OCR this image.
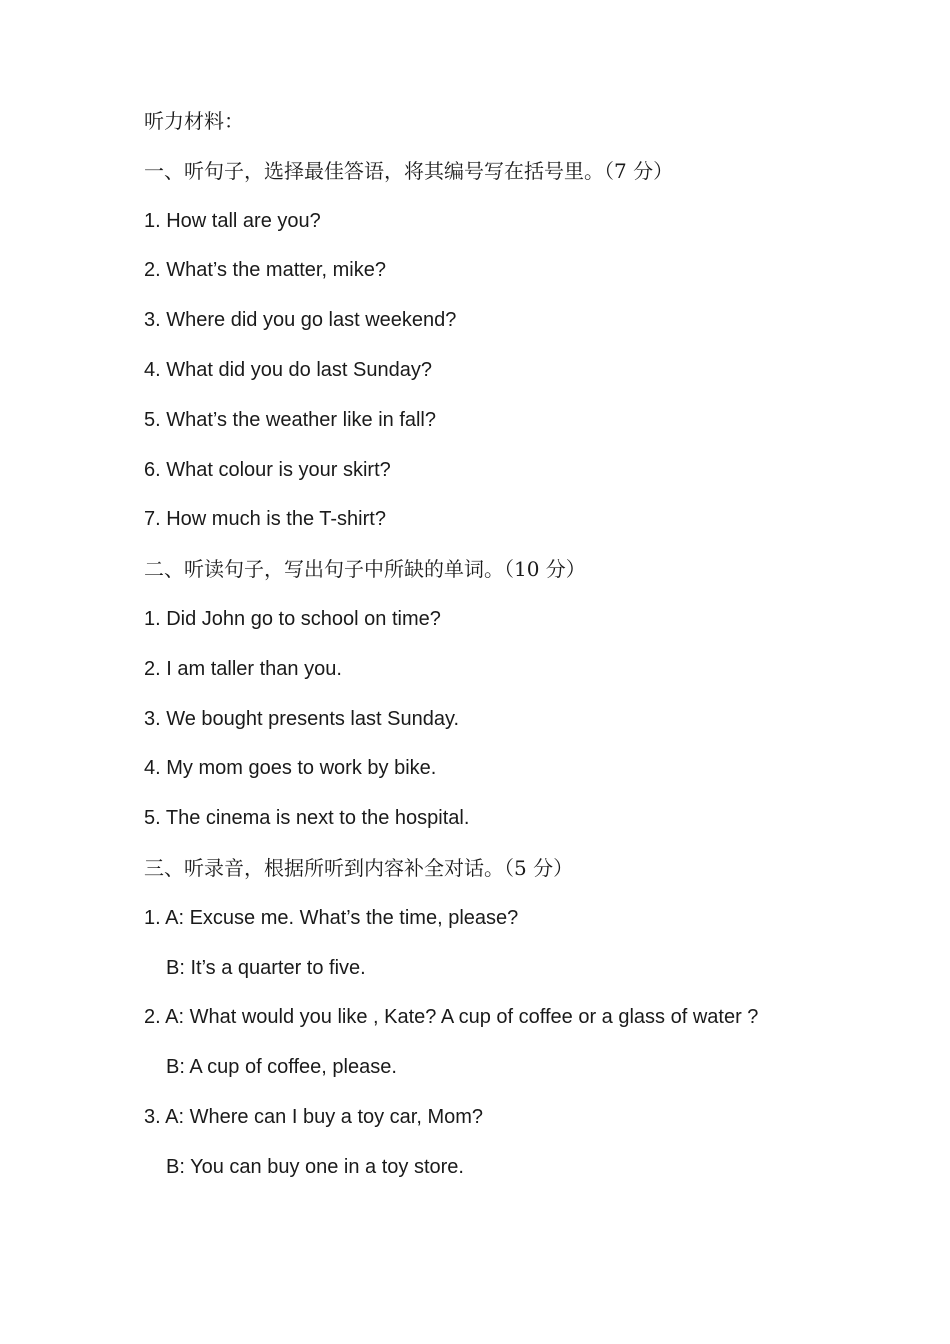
听力材料：
一、听句子，选择最佳答语，将其编号写在括号里。（7 分）
1. How tall are you?
2. What’s the matter, mike?
3. Where did you go last weekend?
4. What did you do last Sunday?
5. What’s the weather like in fall?
6. What colour is your skirt?
7. How much is the T-shirt?
二、听读句子，写出句子中所缺的单词。（10 分）
1. Did John go to school on time?
2. I am taller than you.
3. We bought presents last Sunday.
4. My mom goes to work by bike.
5. The cinema is next to the hospital.
三、听录音，根据所听到内容补全对话。（5 分）
1. A: Excuse me. What’s the time, please?
B: It’s a quarter to five.
2. A: What would you like , Kate? A cup of coffee or a glass of water ?
B: A cup of coffee, please.
3. A: Where can I buy a toy car, Mom?
B: You can buy one in a toy store.
